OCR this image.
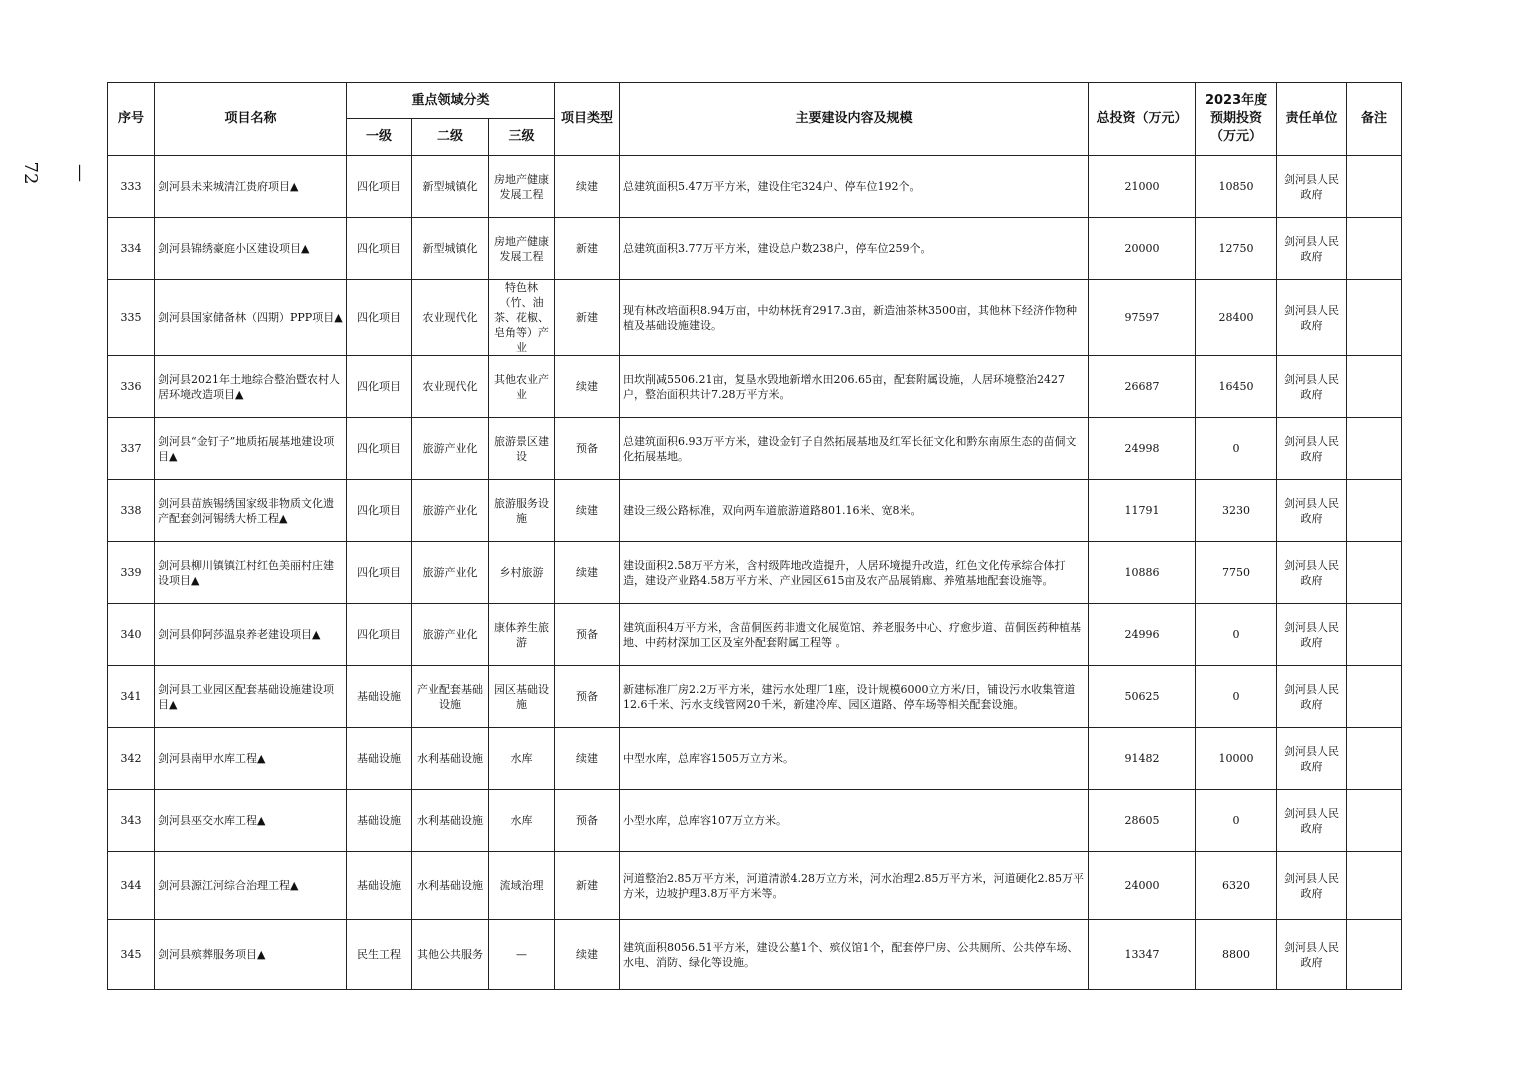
—72
序号	项目名称	重点领域分类			项目类型	主要建设内容及规模	总投资（万元）	2023年度预期投资（万元）	责任单位	备注
		一级	二级	三级						
333	剑河县未来城清江贵府项目▲	四化项目	新型城镇化	房地产健康发展工程	续建	总建筑面积5.47万平方米，建设住宅324户、停车位192个。	21000	10850	剑河县人民政府	
334	剑河县锦绣豪庭小区建设项目▲	四化项目	新型城镇化	房地产健康发展工程	新建	总建筑面积3.77万平方米，建设总户数238户，停车位259个。	20000	12750	剑河县人民政府	
335	剑河县国家储备林（四期）PPP项目▲	四化项目	农业现代化	特色林（竹、油茶、花椒、皂角等）产业	新建	现有林改培面积8.94万亩，中幼林抚育2917.3亩，新造油茶林3500亩，其他林下经济作物种植及基础设施建设。	97597	28400	剑河县人民政府	
336	剑河县2021年土地综合整治暨农村人居环境改造项目▲	四化项目	农业现代化	其他农业产业	续建	田坎削减5506.21亩，复垦水毁地新增水田206.65亩，配套附属设施，人居环境整治2427户，整治面积共计7.28万平方米。	26687	16450	剑河县人民政府	
337	剑河县“金钉子”地质拓展基地建设项目▲	四化项目	旅游产业化	旅游景区建设	预备	总建筑面积6.93万平方米，建设金钉子自然拓展基地及红军长征文化和黔东南原生态的苗侗文化拓展基地。	24998	0	剑河县人民政府	
338	剑河县苗族锡绣国家级非物质文化遗产配套剑河锡绣大桥工程▲	四化项目	旅游产业化	旅游服务设施	续建	建设三级公路标准，双向两车道旅游道路801.16米、宽8米。	11791	3230	剑河县人民政府	
339	剑河县柳川镇镇江村红色美丽村庄建设项目▲	四化项目	旅游产业化	乡村旅游	续建	建设面积2.58万平方米，含村级阵地改造提升，人居环境提升改造，红色文化传承综合体打造，建设产业路4.58万平方米、产业园区615亩及农产品展销廊、养殖基地配套设施等。	10886	7750	剑河县人民政府	
340	剑河县仰阿莎温泉养老建设项目▲	四化项目	旅游产业化	康体养生旅游	预备	建筑面积4万平方米，含苗侗医药非遗文化展览馆、养老服务中心、疗愈步道、苗侗医药种植基地、中药材深加工区及室外配套附属工程等 。	24996	0	剑河县人民政府	
341	剑河县工业园区配套基础设施建设项目▲	基础设施	产业配套基础设施	园区基础设施	预备	新建标准厂房2.2万平方米，建污水处理厂1座，设计规模6000立方米/日，铺设污水收集管道12.6千米、污水支线管网20千米，新建冷库、园区道路、停车场等相关配套设施。	50625	0	剑河县人民政府	
342	剑河县南甲水库工程▲	基础设施	水利基础设施	水库	续建	中型水库，总库容1505万立方米。	91482	10000	剑河县人民政府	
343	剑河县巫交水库工程▲	基础设施	水利基础设施	水库	预备	小型水库，总库容107万立方米。	28605	0	剑河县人民政府	
344	剑河县源江河综合治理工程▲	基础设施	水利基础设施	流域治理	新建	河道整治2.85万平方米，河道清淤4.28万立方米，河水治理2.85万平方米，河道硬化2.85万平方米，边坡护理3.8万平方米等。	24000	6320	剑河县人民政府	
345	剑河县殡葬服务项目▲	民生工程	其他公共服务	—	续建	建筑面积8056.51平方米，建设公墓1个、殡仪馆1个，配套停尸房、公共厕所、公共停车场、水电、消防、绿化等设施。	13347	8800	剑河县人民政府	
